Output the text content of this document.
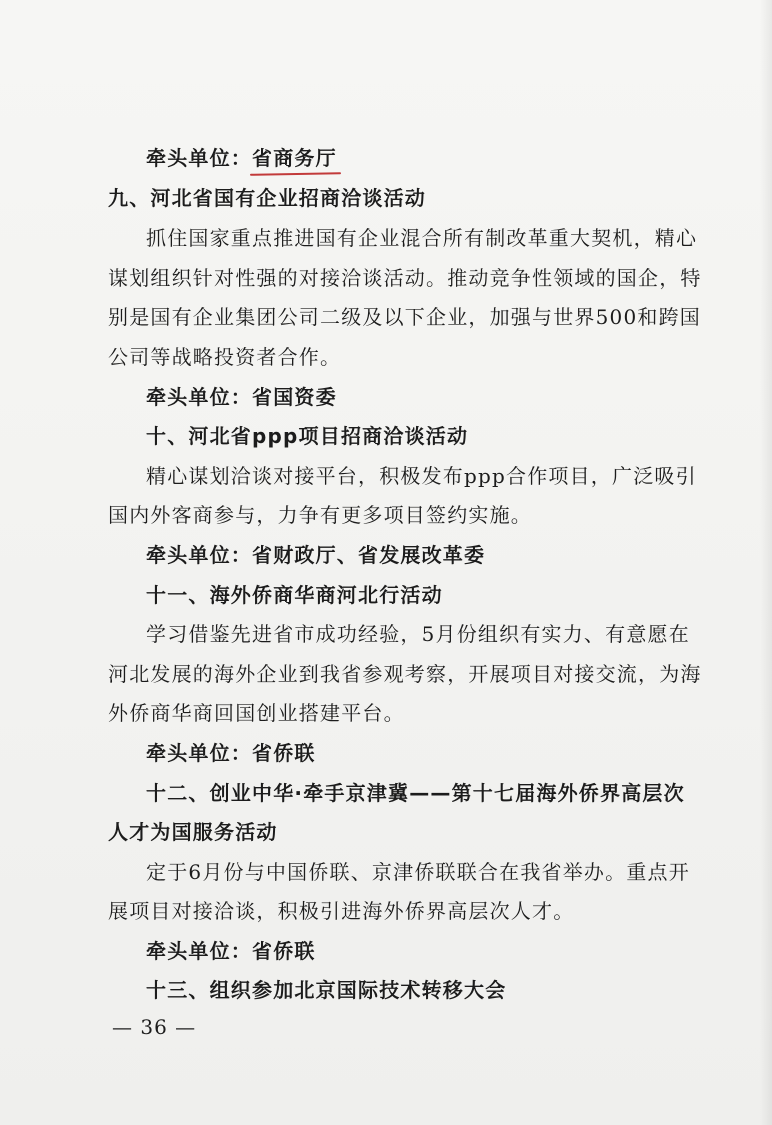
牵头单位：省商务厅
九、河北省国有企业招商洽谈活动
抓住国家重点推进国有企业混合所有制改革重大契机，精心
谋划组织针对性强的对接洽谈活动。推动竞争性领域的国企，特
别是国有企业集团公司二级及以下企业，加强与世界500和跨国
公司等战略投资者合作。
牵头单位：省国资委
十、河北省ppp项目招商洽谈活动
精心谋划洽谈对接平台，积极发布ppp合作项目，广泛吸引
国内外客商参与，力争有更多项目签约实施。
牵头单位：省财政厅、省发展改革委
十一、海外侨商华商河北行活动
学习借鉴先进省市成功经验，5月份组织有实力、有意愿在
河北发展的海外企业到我省参观考察，开展项目对接交流，为海
外侨商华商回国创业搭建平台。
牵头单位：省侨联
十二、创业中华·牵手京津冀——第十七届海外侨界高层次
人才为国服务活动
定于6月份与中国侨联、京津侨联联合在我省举办。重点开
展项目对接洽谈，积极引进海外侨界高层次人才。
牵头单位：省侨联
十三、组织参加北京国际技术转移大会
— 36 —
